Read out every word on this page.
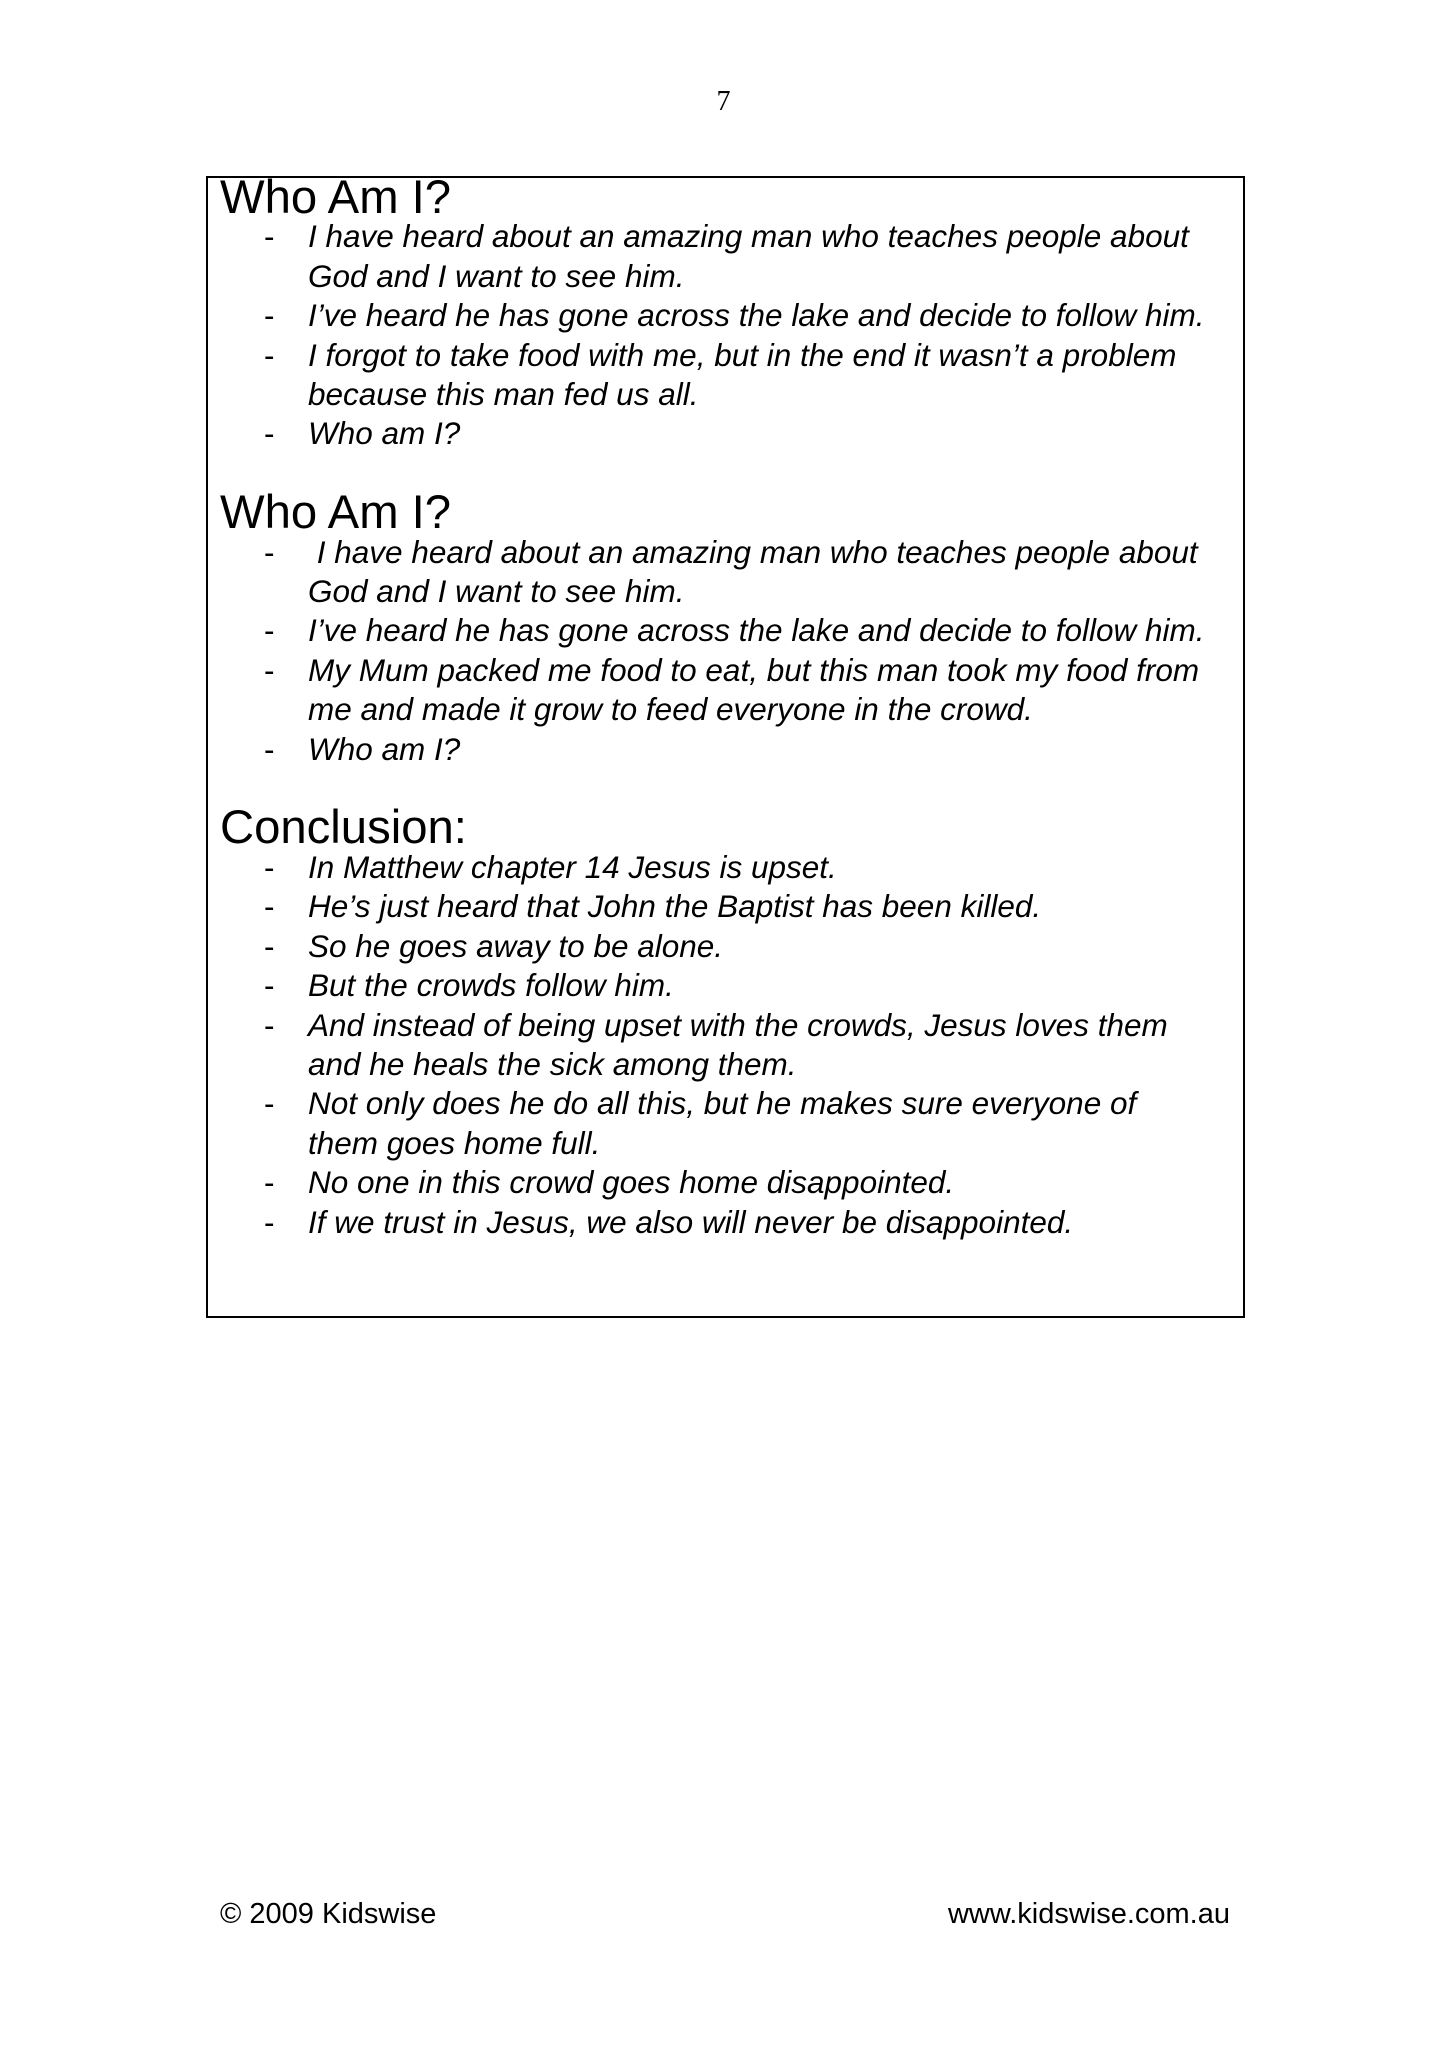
7
Who Am I?
- I have heard about an amazing man who teaches people about God and I want to see him.
- I’ve heard he has gone across the lake and decide to follow him.
- I forgot to take food with me, but in the end it wasn’t a problem because this man fed us all.
- Who am I?
Who Am I?
- I have heard about an amazing man who teaches people about God and I want to see him.
- I’ve heard he has gone across the lake and decide to follow him.
- My Mum packed me food to eat, but this man took my food from me and made it grow to feed everyone in the crowd.
- Who am I?
Conclusion:
- In Matthew chapter 14 Jesus is upset.
- He’s just heard that John the Baptist has been killed.
- So he goes away to be alone.
- But the crowds follow him.
- And instead of being upset with the crowds, Jesus loves them and he heals the sick among them.
- Not only does he do all this, but he makes sure everyone of them goes home full.
- No one in this crowd goes home disappointed.
- If we trust in Jesus, we also will never be disappointed.
© 2009 Kidswise	www.kidswise.com.au
